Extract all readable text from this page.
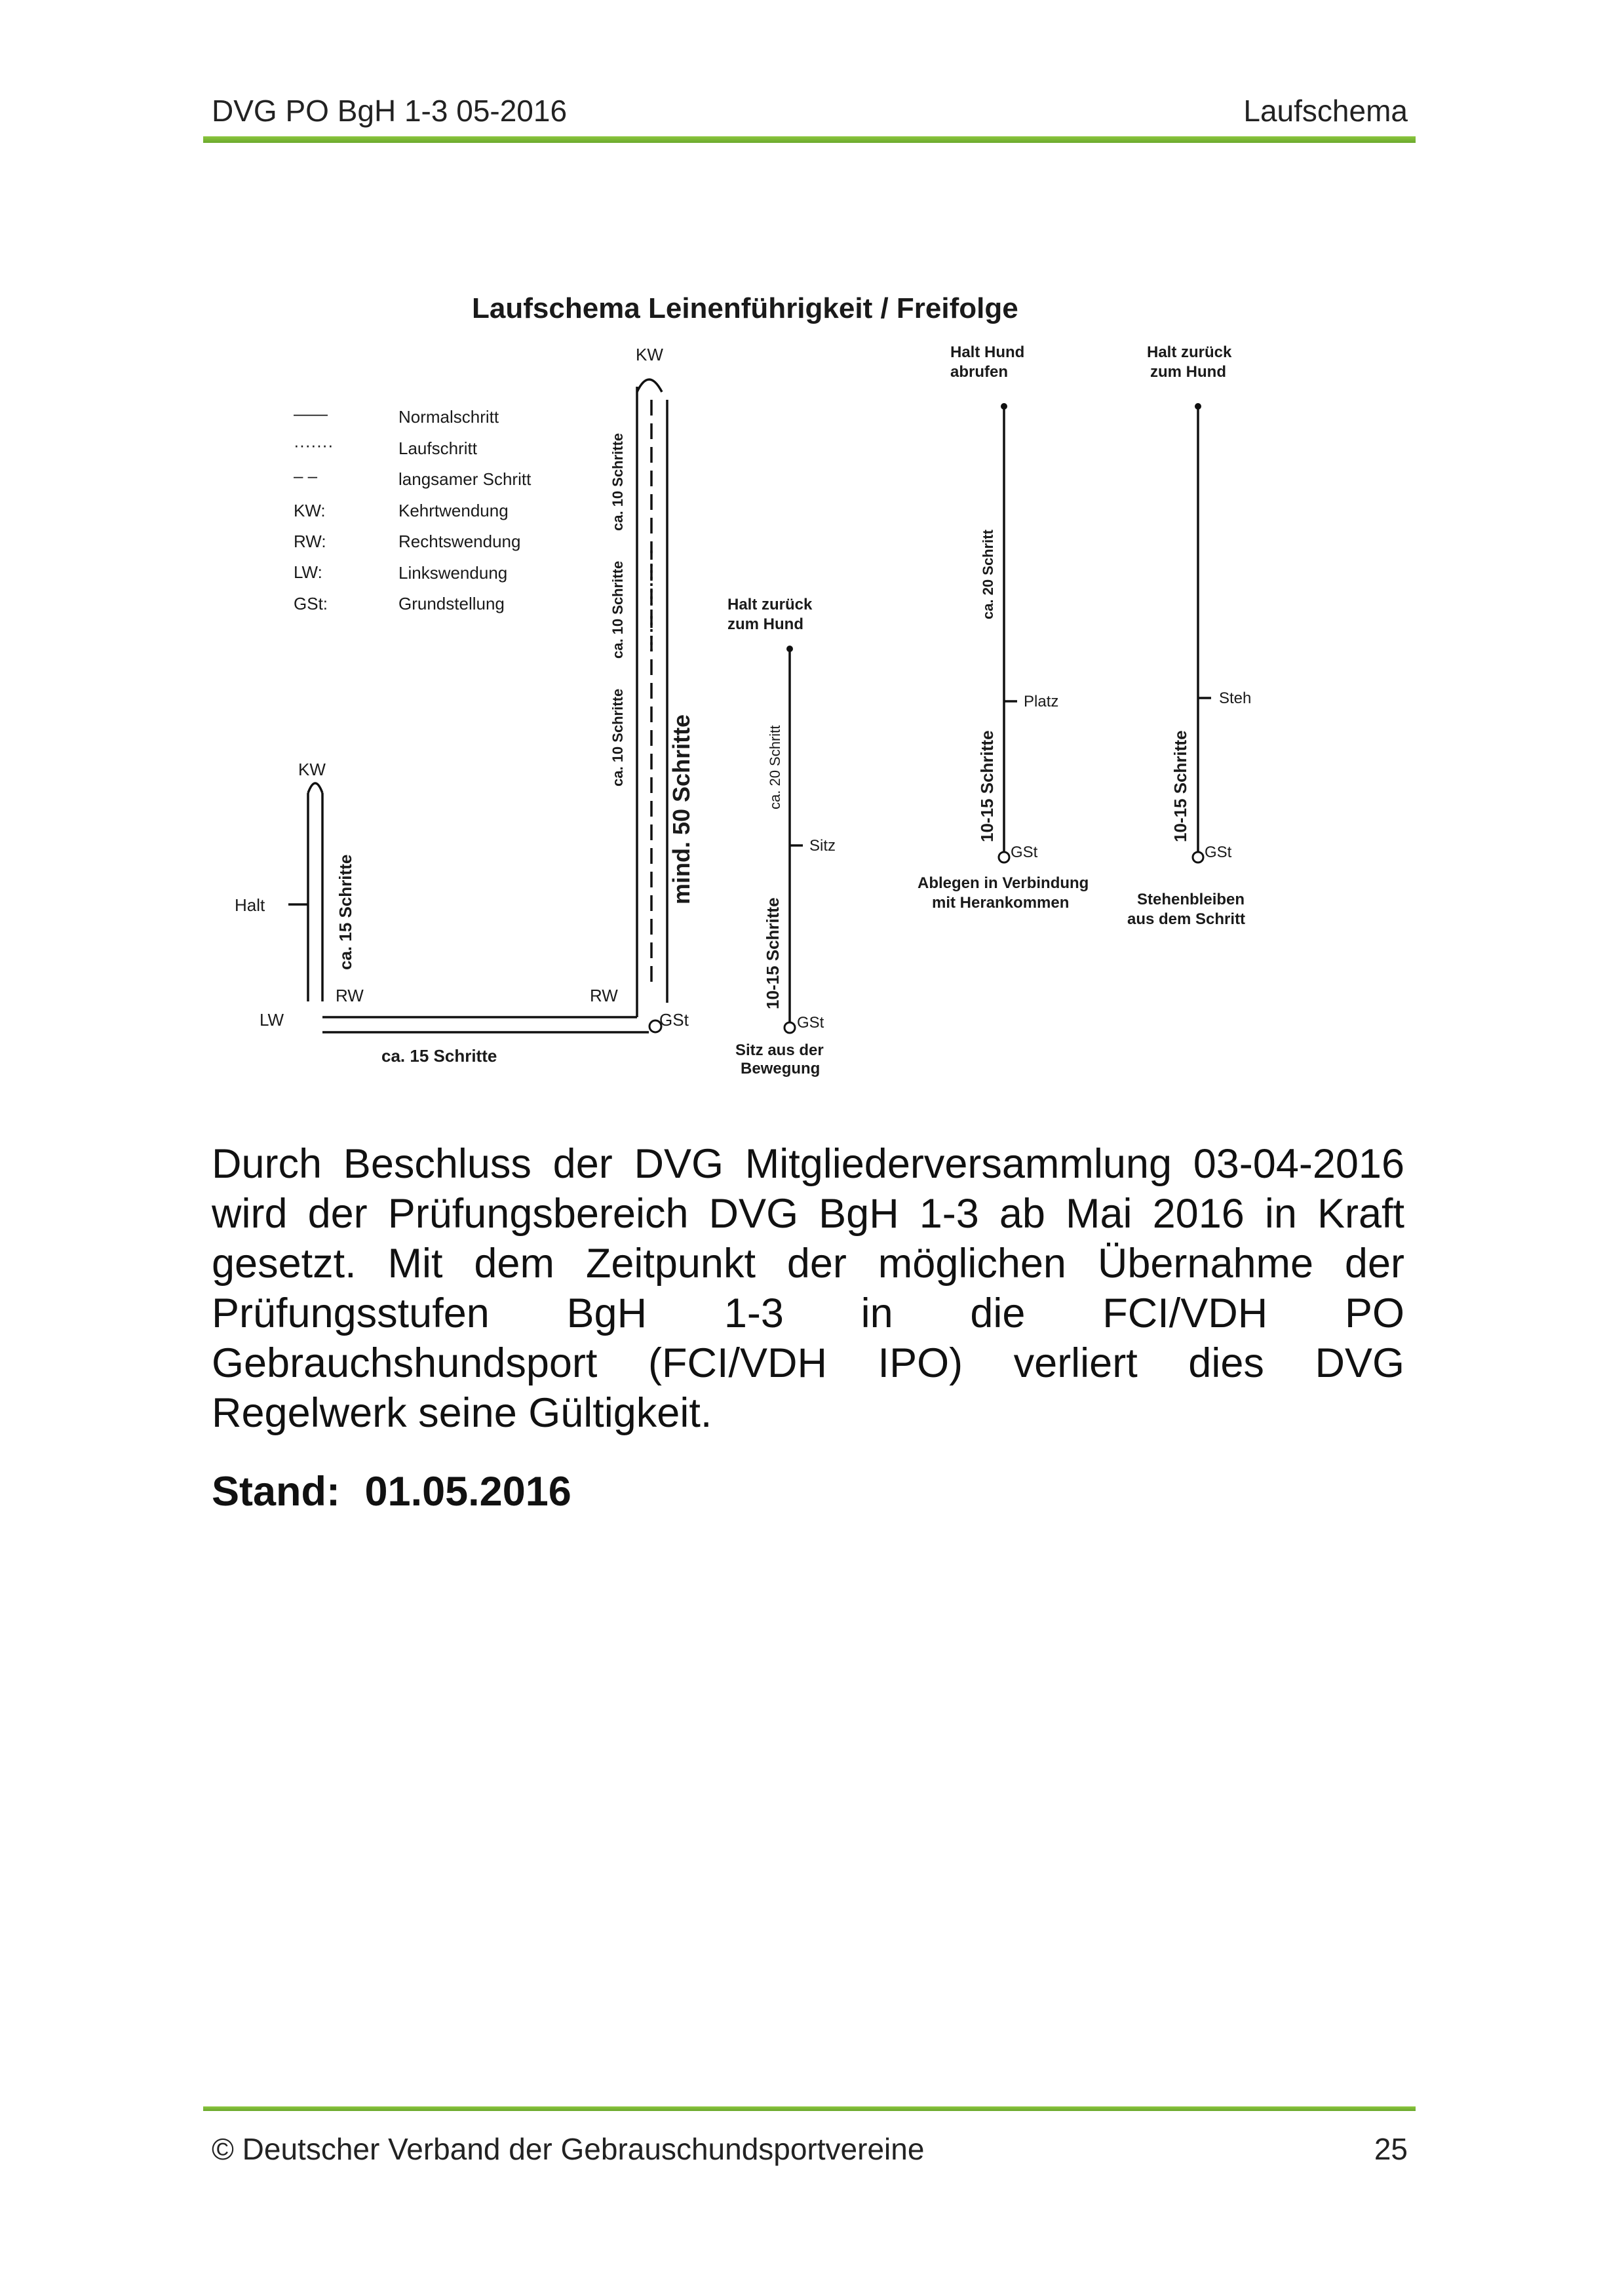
DVG PO BgH 1-3 05-2016	Laufschema
Laufschema Leinenführigkeit / Freifolge
——	Normalschritt
·······	Laufschritt
– –	langsamer Schritt
KW:	Kehrtwendung
RW:	Rechtswendung
LW:	Linkswendung
GSt:	Grundstellung
KW
KW
Halt
LW
RW	RW
GSt
ca. 15 Schritte
ca. 15 Schritte
ca. 10 Schritte
ca. 10 Schritte
ca. 10 Schritte mind. 50 Schritte
Halt zurück
zum Hund
ca. 20 Schritt
Sitz
10-15 Schritte
GSt
Sitz aus der
Bewegung
Halt Hund
abrufen
ca. 20 Schritt
Platz
10-15 Schritte
GSt
Ablegen in Verbindung
mit Herankommen
Halt zurück
zum Hund
Steh
10-15 Schritte
GSt
Stehenbleiben
aus dem Schritt
Durch Beschluss der DVG Mitgliederversammlung 03-04-2016 wird der Prüfungsbereich DVG BgH 1-3 ab Mai 2016 in Kraft gesetzt. Mit dem Zeitpunkt der möglichen Übernahme der Prüfungsstufen BgH 1-3 in die FCI/VDH PO Gebrauchshundsport (FCI/VDH IPO) verliert dies DVG Regelwerk seine Gültigkeit.
Stand: 01.05.2016
© Deutscher Verband der Gebrauschundsportvereine	25
